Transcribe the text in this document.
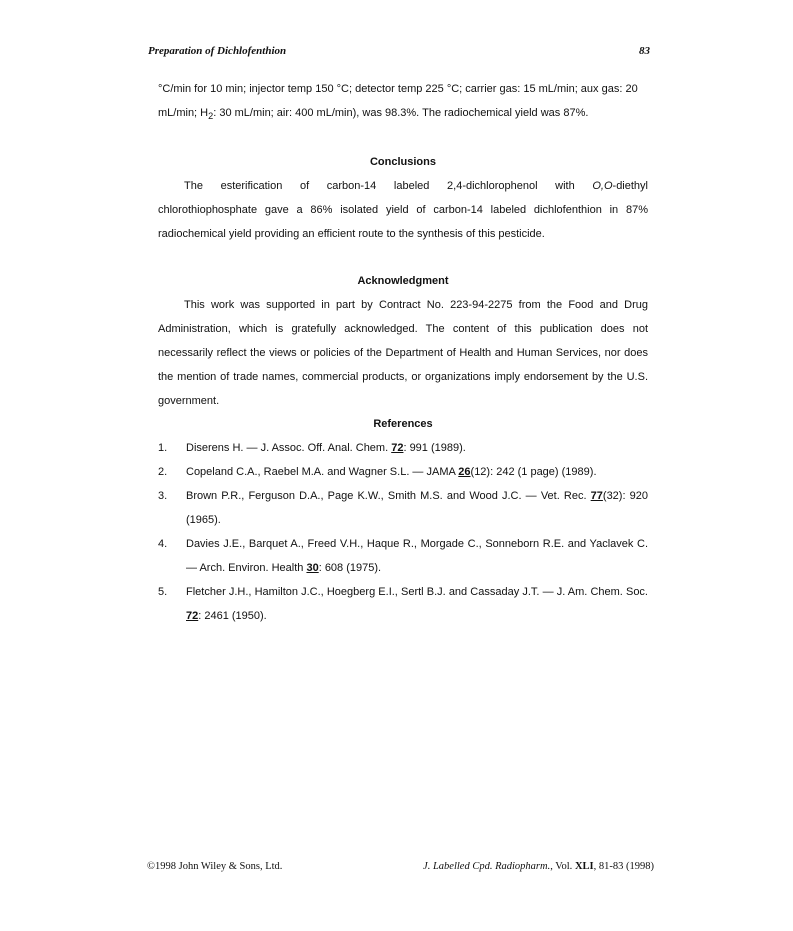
Preparation of Dichlofenthion	83

°C/min for 10 min; injector temp 150 °C; detector temp 225 °C; carrier gas: 15 mL/min; aux gas: 20

mL/min; $H_2$: 30 mL/min; air: 400 mL/min), was 98.3%. The radiochemical yield was 87%.

Conclusions

The esterification of carbon-14 labeled 2,4-dichlorophenol with O,O-diethyl chlorothiophosphate gave a 86% isolated yield of carbon-14 labeled dichlofenthion in 87% radiochemical yield providing an efficient route to the synthesis of this pesticide.

Acknowledgment

This work was supported in part by Contract No. 223-94-2275 from the Food and Drug Administration, which is gratefully acknowledged. The content of this publication does not necessarily reflect the views or policies of the Department of Health and Human Services, nor does the mention of trade names, commercial products, or organizations imply endorsement by the U.S. government.

References

1.	Diserens H. — J. Assoc. Off. Anal. Chem. 72: 991 (1989).
2.	Copeland C.A., Raebel M.A. and Wagner S.L. — JAMA 26(12): 242 (1 page) (1989).
3.	Brown P.R., Ferguson D.A., Page K.W., Smith M.S. and Wood J.C. — Vet. Rec. 77(32): 920 (1965).
4.	Davies J.E., Barquet A., Freed V.H., Haque R., Morgade C., Sonneborn R.E. and Yaclavek C. — Arch. Environ. Health 30: 608 (1975).
5.	Fletcher J.H., Hamilton J.C., Hoegberg E.I., Sertl B.J. and Cassaday J.T. — J. Am. Chem. Soc. 72: 2461 (1950).
©1998 John Wiley & Sons, Ltd.	J. Labelled Cpd. Radiopharm., Vol. XLI, 81-83 (1998)
